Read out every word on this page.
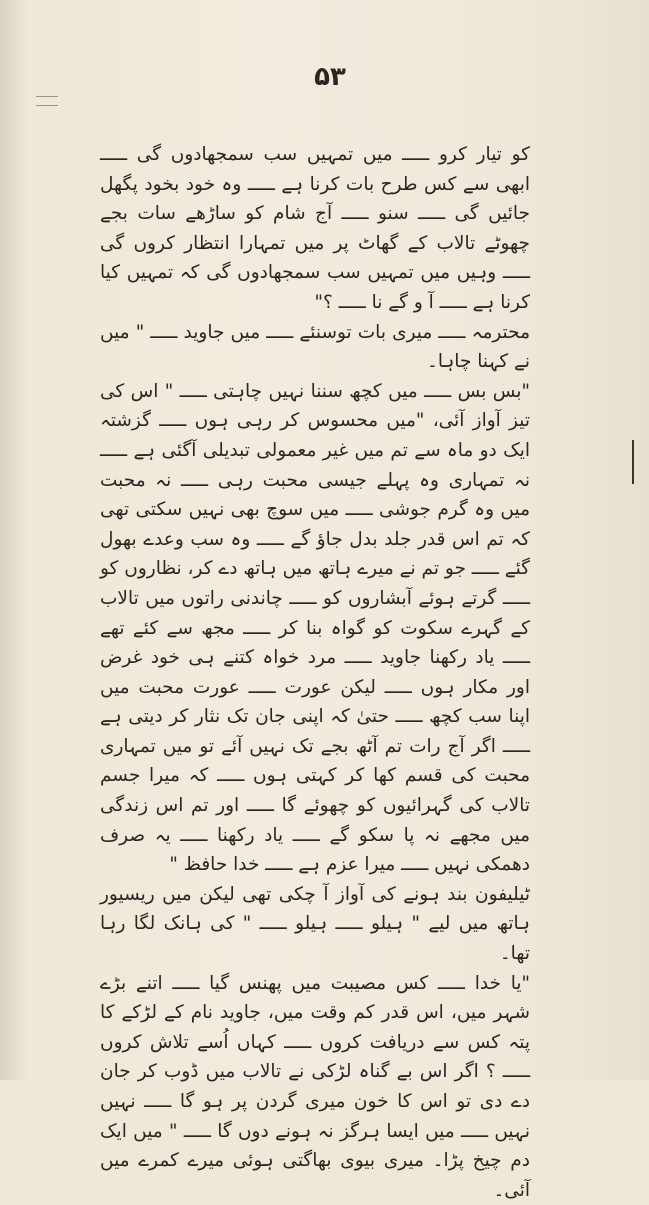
۵۳

کو تیار کرو ـــــ میں تمہیں سب سمجھادوں گی ـــــ ابھی سے کس طرح بات کرنا ہے ـــــ وہ خود بخود پگھل جائیں گی ـــــ سنو ـــــ آج شام کو ساڑھے سات بجے چھوٹے تالاب کے گھاٹ پر میں تمہارا انتظار کروں گی ـــــ وہیں میں تمہیں سب سمجھادوں گی کہ تمہیں کیا کرنا ہے ـــــ آ و گے نا ـــــ ؟"

محترمہ ـــــ میری بات توسنئے ـــــ میں جاوید ـــــ " میں نے کہنا چاہا۔

"بس بس ـــــ میں کچھ سننا نہیں چاہتی ـــــ " اس کی تیز آواز آئی، "میں محسوس کر رہی ہوں ـــــ گزشتہ ایک دو ماہ سے تم میں غیر معمولی تبدیلی آگئی ہے ـــــ نہ تمہاری وہ پہلے جیسی محبت رہی ـــــ نہ محبت میں وہ گرم جوشی ـــــ میں سوچ بھی نہیں سکتی تھی کہ تم اس قدر جلد بدل جاؤ گے ـــــ وہ سب وعدے بھول گئے ـــــ جو تم نے میرے ہاتھ میں ہاتھ دے کر، نظاروں کو ـــــ گرتے ہوئے آبشاروں کو ـــــ چاندنی راتوں میں تالاب کے گہرے سکوت کو گواہ بنا کر ـــــ مجھ سے کئے تھے ـــــ یاد رکھنا جاوید ـــــ مرد خواہ کتنے ہی خود غرض اور مکار ہوں ـــــ لیکن عورت ـــــ عورت محبت میں اپنا سب کچھ ـــــ حتیٰ کہ اپنی جان تک نثار کر دیتی ہے ـــــ اگر آج رات تم آٹھ بجے تک نہیں آئے تو میں تمہاری محبت کی قسم کھا کر کہتی ہوں ـــــ کہ میرا جسم تالاب کی گہرائیوں کو چھوئے گا ـــــ اور تم اس زندگی میں مجھے نہ پا سکو گے ـــــ یاد رکھنا ـــــ یہ صرف دھمکی نہیں ـــــ میرا عزم ہے ـــــ خدا حافظ "

ٹیلیفون بند ہونے کی آواز آ چکی تھی لیکن میں ریسیور ہاتھ میں لیے " ہیلو ـــــ ہیلو ـــــ " کی ہانک لگا رہا تھا۔

"یا خدا ـــــ کس مصیبت میں پھنس گیا ـــــ اتنے بڑے شہر میں، اس قدر کم وقت میں، جاوید نام کے لڑکے کا پتہ کس سے دریافت کروں ـــــ کہاں اُسے تلاش کروں ـــــ ؟ اگر اس بے گناہ لڑکی نے تالاب میں ڈوب کر جان دے دی تو اس کا خون میری گردن پر ہو گا ـــــ نہیں نہیں ـــــ میں ایسا ہرگز نہ ہونے دوں گا ـــــ " میں ایک دم چیخ پڑا۔ میری بیوی بھاگتی ہوئی میرے کمرے میں آئی۔
